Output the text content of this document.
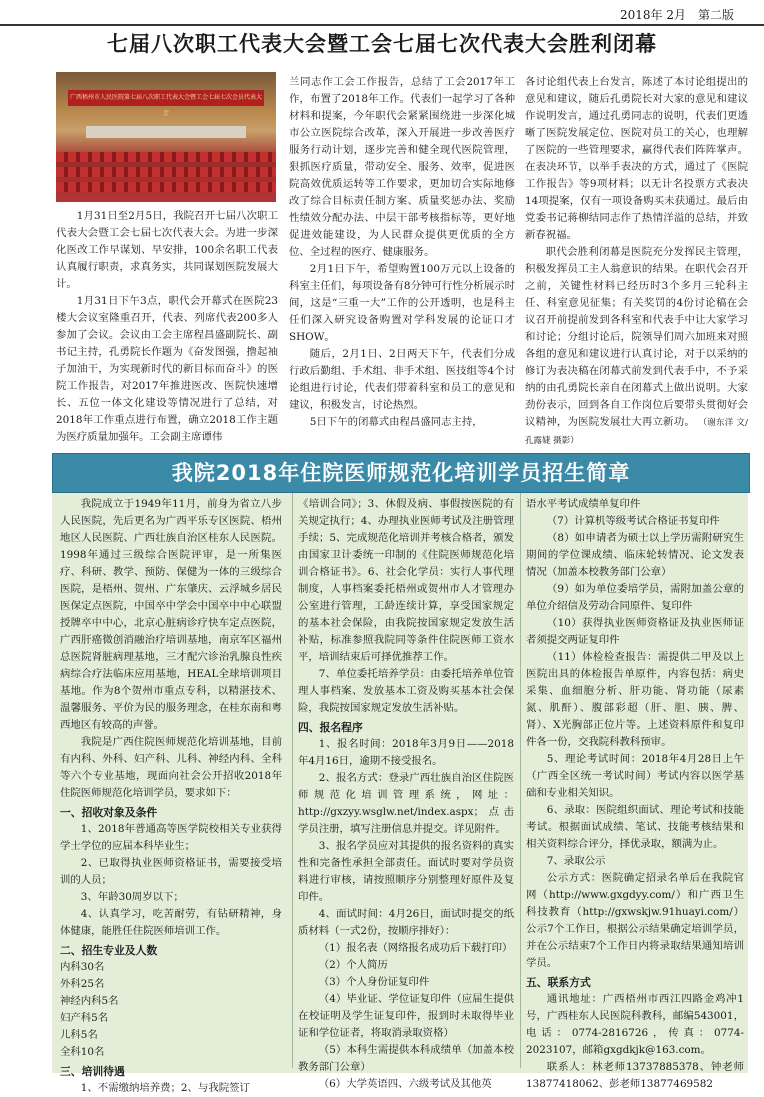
2018年 2月　第二版
七届八次职工代表大会暨工会七届七次代表大会胜利闭幕
广西梧州市人民医院第七届八次职工代表大会暨工会七届七次会员代表大会

1月31日至2月5日，我院召开七届八次职工代表大会暨工会七届七次代表大会。为进一步深化医改工作早谋划、早安排，100余名职工代表认真履行职责，求真务实，共同谋划医院发展大计。

1月31日下午3点，职代会开幕式在医院23楼大会议室隆重召开，代表、列席代表200多人参加了会议。会议由工会主席程昌盛副院长、副书记主持，孔勇院长作题为《奋发图强，撸起袖子加油干，为实现新时代的新目标而奋斗》的医院工作报告，对2017年推进医改、医院快速增长、五位一体文化建设等情况进行了总结，对2018年工作重点进行布置，确立2018工作主题为医疗质量加强年。工会副主席谭伟

兰同志作工会工作报告，总结了工会2017年工作，布置了2018年工作。代表们一起学习了各种材料和提案，今年职代会紧紧围绕进一步深化城市公立医院综合改革，深入开展进一步改善医疗服务行动计划，逐步完善和健全现代医院管理，狠抓医疗质量，带动安全、服务、效率，促进医院高效优质运转等工作要求，更加切合实际地修改了综合目标责任制方案、质量奖惩办法、奖励性绩效分配办法、中层干部考核指标等，更好地促进效能建设，为人民群众提供更优质的全方位、全过程的医疗、健康服务。

2月1日下午，希望购置100万元以上设备的科室主任们，每项设备有8分钟可行性分析展示时间，这是“三重一大”工作的公开透明，也是科主任们深入研究设备购置对学科发展的论证口才SHOW。

随后，2月1日、2日两天下午，代表们分成行政后勤组、手术组、非手术组、医技组等4个讨论组进行讨论，代表们带着科室和员工的意见和建议，积极发言，讨论热烈。

5日下午的闭幕式由程昌盛同志主持，

各讨论组代表上台发言，陈述了本讨论组提出的意见和建议，随后孔勇院长对大家的意见和建议作说明发言，通过孔勇同志的说明，代表们更透晰了医院发展定位、医院对员工的关心，也理解了医院的一些管理要求，赢得代表们阵阵掌声。在表决环节，以举手表决的方式，通过了《医院工作报告》等9项材料；以无计名投票方式表决14项提案，仅有一项设备购买未获通过。最后由党委书记蒋柳结同志作了热情洋溢的总结，并致新春祝福。

职代会胜利闭幕是医院充分发挥民主管理，积极发挥员工主人翁意识的结果。在职代会召开之前，关键性材料已经历时3个多月三轮科主任、科室意见征集；有关奖罚的4份讨论稿在会议召开前提前发到各科室和代表手中让大家学习和讨论；分组讨论后，院领导们周六加班来对照各组的意见和建议进行认真讨论，对于以采纳的修订为表决稿在闭幕式前发到代表手中，不予采纳的由孔勇院长亲自在闭幕式上做出说明。大家劲份表示，回到各自工作岗位后要带头贯彻好会议精神，为医院发展壮大再立新功。 （谢东洋 文/孔露婕 摄影）

我院2018年住院医师规范化培训学员招生简章

我院成立于1949年11月，前身为省立八步人民医院，先后更名为广西平乐专区医院、梧州地区人民医院、广西壮族自治区桂东人民医院。1998年通过三级综合医院评审，是一所集医疗、科研、教学、预防、保健为一体的三级综合医院，是梧州、贺州、广东肇庆、云浮城乡居民医保定点医院，中国卒中学会中国卒中中心联盟授牌卒中中心，北京心脏病诊疗快车定点医院，广西肝癌微创消融治疗培训基地，南京军区福州总医院肾脏病理基地，三才配穴诊治乳腺良性疾病综合疗法临床应用基地，HEAL全球培训项目基地。作为8个贺州市重点专科，以精湛技术、温馨服务、平价为民的服务理念，在桂东南和粤西地区有较高的声誉。

我院是广西住院医师规范化培训基地，目前有内科、外科、妇产科、儿科、神经内科、全科等六个专业基地，现面向社会公开招收2018年住院医师规范化培训学员，要求如下：

一、招收对象及条件

1、2018年普通高等医学院校相关专业获得学士学位的应届本科毕业生；

2、已取得执业医师资格证书，需要接受培训的人员；

3、年龄30周岁以下；

4、认真学习，吃苦耐劳，有钻研精神，身体健康，能胜任住院医师培训工作。

二、招生专业及人数

内科30名

外科25名

神经内科5名

妇产科5名

儿科5名

全科10名

三、培训待遇

1、不需缴纳培养费；2、与我院签订

《培训合同》；3、休假及病、事假按医院的有关规定执行；4、办理执业医师考试及注册管理手续；5、完成规范化培训并考核合格者，颁发由国家卫计委统一印制的《住院医师规范化培训合格证书》。6、社会化学员：实行人事代理制度，人事档案委托梧州或贺州市人才管理办公室进行管理，工龄连续计算，享受国家规定的基本社会保险，由我院按国家规定发放生活补贴，标准参照我院同等条件住院医师工资水平，培训结束后可择优推荐工作。

7、单位委托培养学员：由委托培养单位管理人事档案、发放基本工资及购买基本社会保险，我院按国家规定发放生活补贴。

四、报名程序

1、报名时间：2018年3月9日——2018年4月16日，逾期不接受报名。

2、报名方式：登录广西壮族自治区住院医师规范化培训管理系统，网址：http://gxzyy.wsglw.net/index.aspx；点击学员注册，填写注册信息并提交。详见附件。

3、报名学员应对其提供的报名资料的真实性和完备性承担全部责任。面试时要对学员资料进行审核，请按照顺序分别整理好原件及复印件。

4、面试时间：4月26日，面试时提交的纸质材料（一式2份，按顺序排好）：

（1）报名表（网络报名成功后下载打印）

（2）个人简历

（3）个人身份证复印件

（4）毕业证、学位证复印件（应届生提供在校证明及学生证复印件，报到时未取得毕业证和学位证者，将取消录取资格）

（5）本科生需提供本科成绩单（加盖本校教务部门公章）

（6）大学英语四、六级考试及其他英

语水平考试成绩单复印件

（7）计算机等级考试合格证书复印件

（8）如申请者为硕士以上学历需附研究生期间的学位课成绩、临床轮转情况、论文发表情况（加盖本校教务部门公章）

（9）如为单位委培学员，需附加盖公章的单位介绍信及劳动合同原件、复印件

（10）获得执业医师资格证及执业医师证者须提交两证复印件

（11）体检检查报告：需提供二甲及以上医院出具的体检报告单原件，内容包括：病史采集、血细胞分析、肝功能、肾功能（尿素氮、肌酐）、腹部彩超（肝、胆、胰、脾、肾）、X光胸部正位片等。上述资料原件和复印件各一份，交我院科教科预审。

5、理论考试时间：2018年4月28日上午（广西全区统一考试时间）考试内容以医学基础和专业相关知识。

6、录取：医院组织面试、理论考试和技能考试。根据面试成绩、笔试、技能考核结果和相关资料综合评分，择优录取，额满为止。

7、录取公示

公示方式：医院确定招录名单后在我院官网（http://www.gxgdyy.com/）和广西卫生科技教育（http://gxwskjw.91huayi.com/）公示7个工作日，根据公示结果确定培训学员，并在公示结束7个工作日内将录取结果通知培训学员。

五、联系方式

通讯地址：广西梧州市西江四路金鸡冲1号，广西桂东人民医院科教科，邮编543001，电话：0774-2816726，传真：0774-2023107，邮箱gxgdkjk@163.com。

联系人：林老师13737885378、钟老师13877418062、彭老师13877469582
